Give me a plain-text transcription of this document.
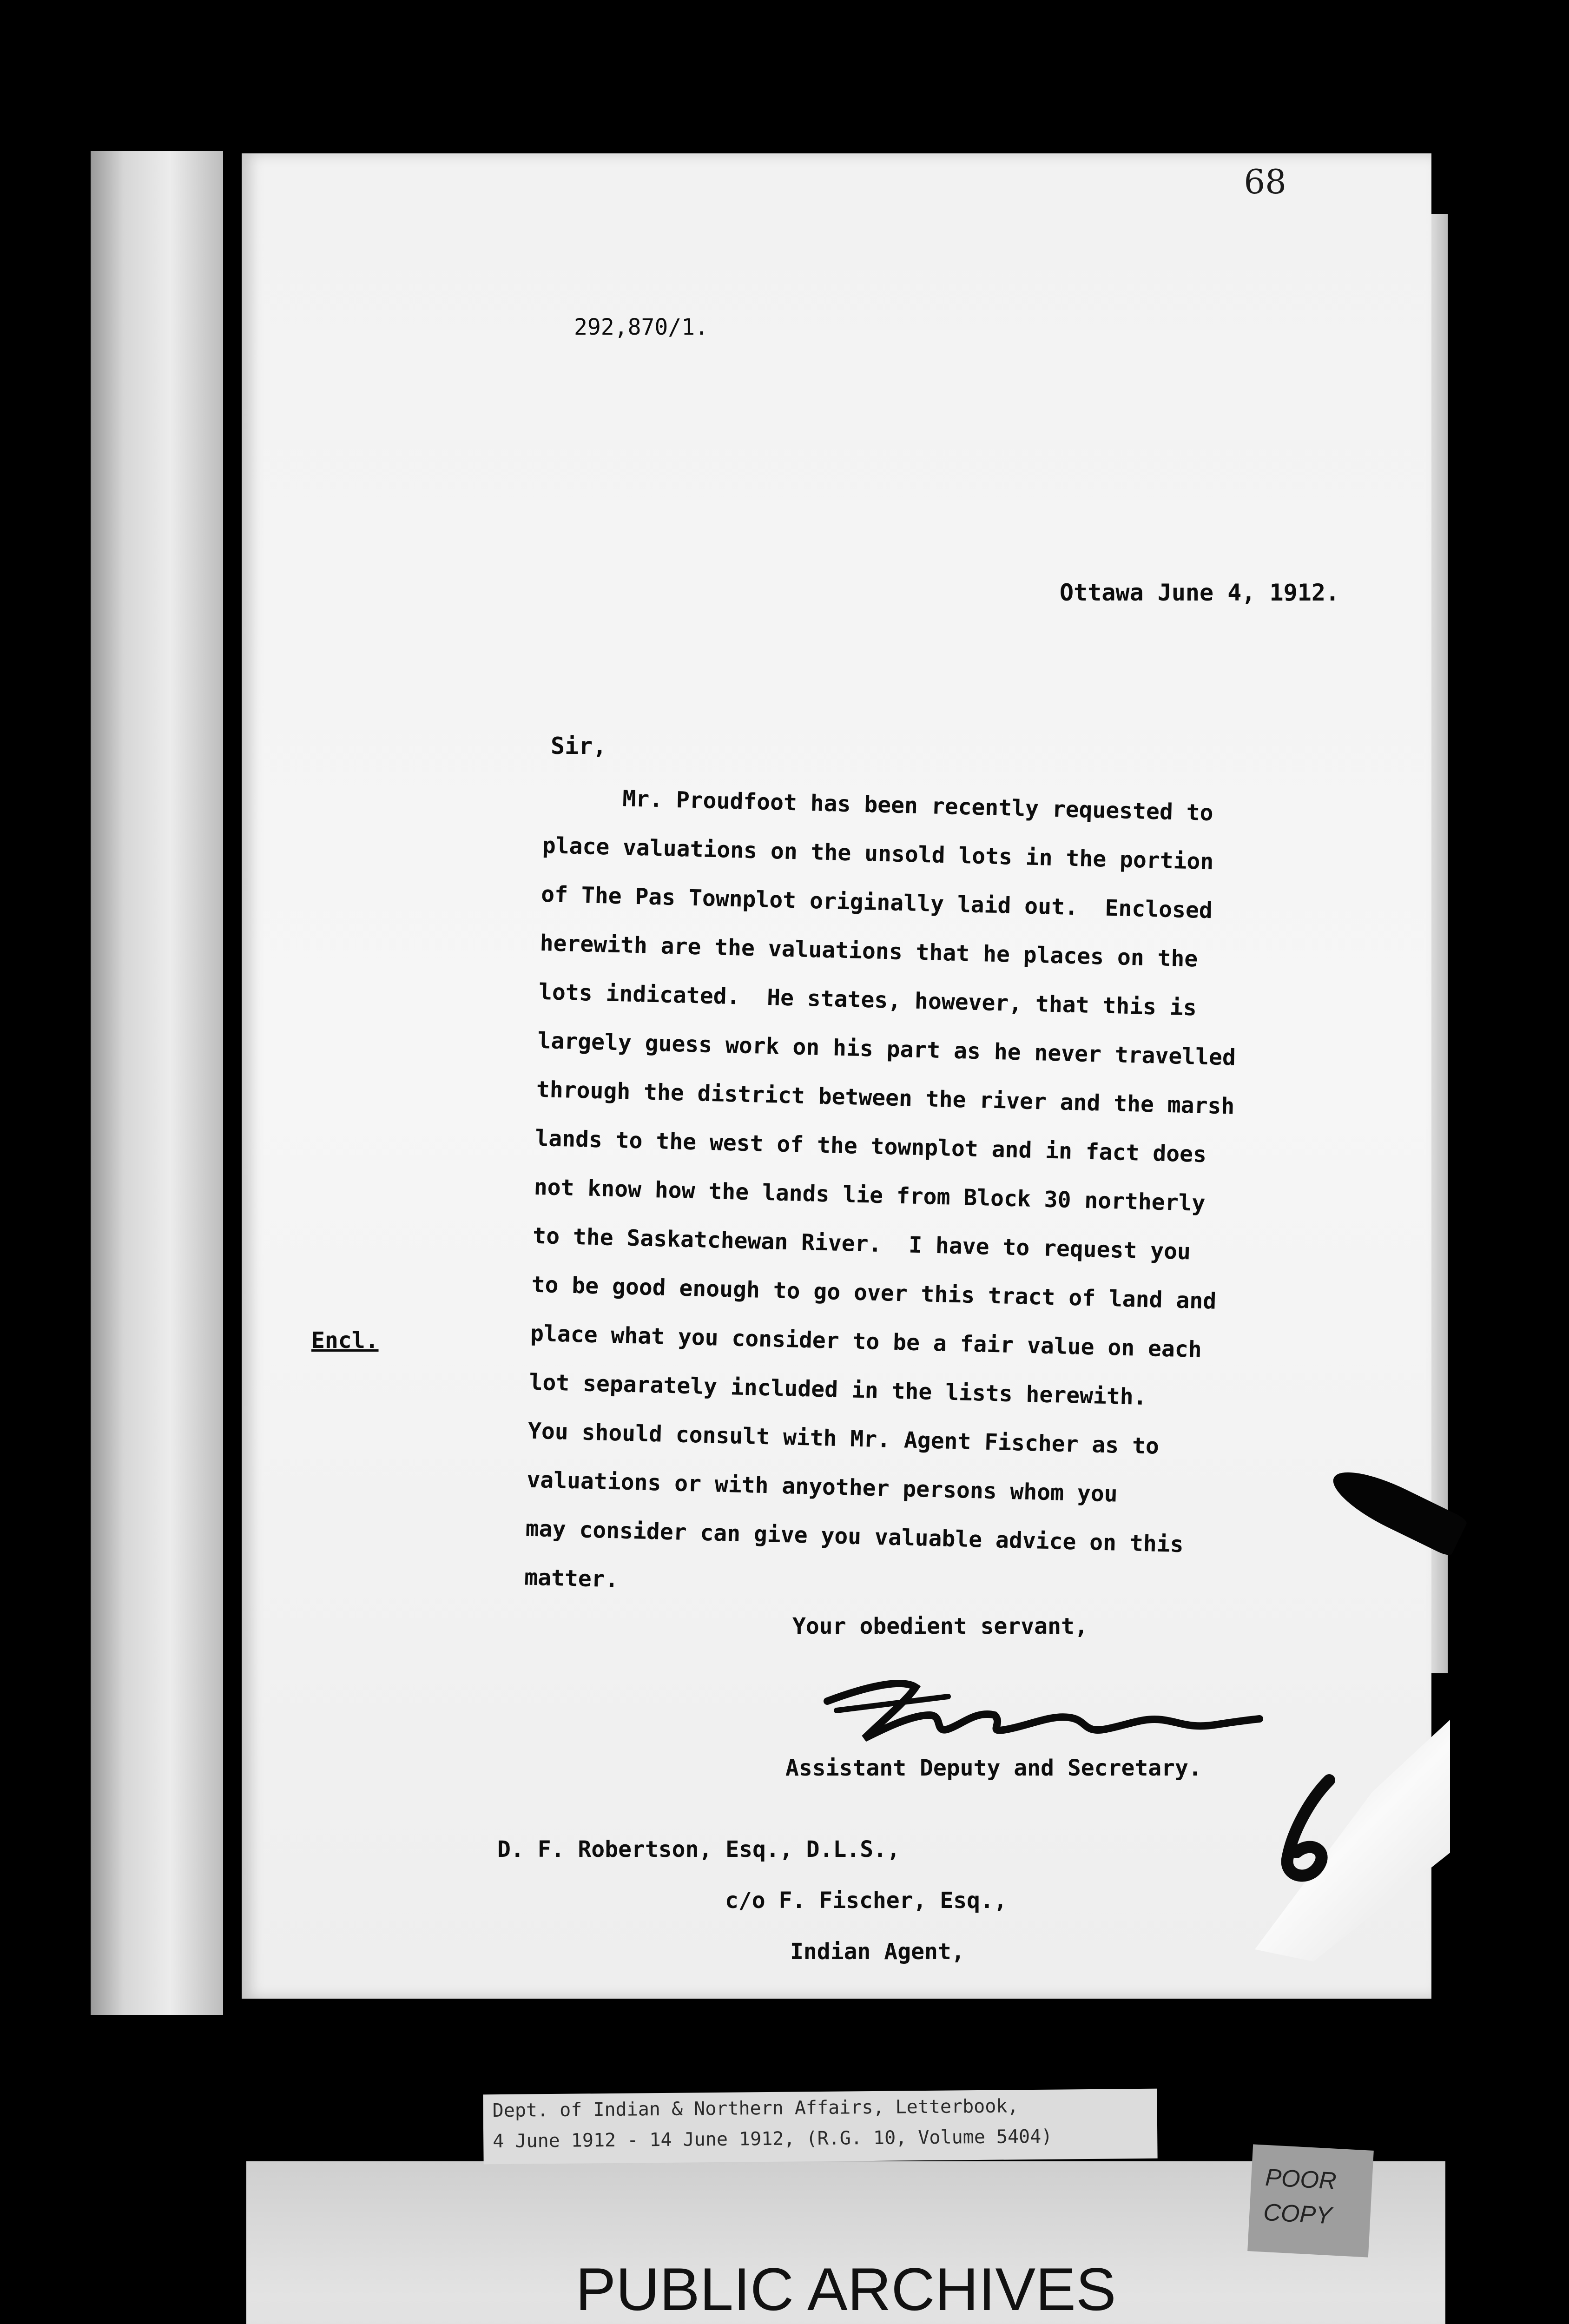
68
292,870/1.
Ottawa June 4, 1912.
Sir,
Mr. Proudfoot has been recently requested to
place valuations on the unsold lots in the portion
of The Pas Townplot originally laid out.  Enclosed
herewith are the valuations that he places on the
lots indicated.  He states, however, that this is
largely guess work on his part as he never travelled
through the district between the river and the marsh
lands to the west of the townplot and in fact does
not know how the lands lie from Block 30 northerly
to the Saskatchewan River.  I have to request you
to be good enough to go over this tract of land and
place what you consider to be a fair value on each
lot separately included in the lists herewith.
You should consult with Mr. Agent Fischer as to
valuations or with anyother persons whom you
may consider can give you valuable advice on this
matter.
Encl.
Your obedient servant,
Assistant Deputy and Secretary.
D. F. Robertson, Esq., D.L.S.,
c/o F. Fischer, Esq.,
Indian Agent,
PUBLIC ARCHIVES
Dept. of Indian & Northern Affairs, Letterbook,
4 June 1912 - 14 June 1912, (R.G. 10, Volume 5404)
POOR
COPY
